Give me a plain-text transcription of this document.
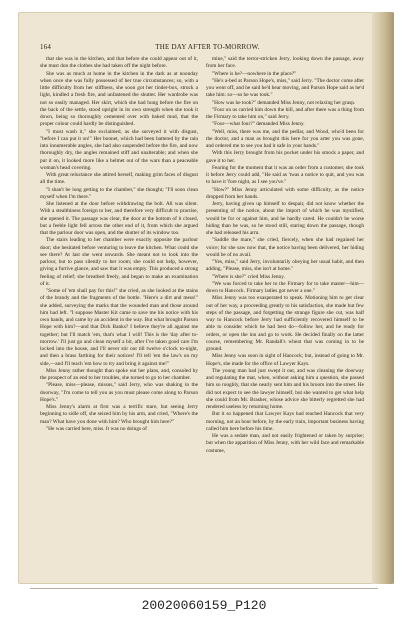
164	THE DAY AFTER TO-MORROW.

that she was in the kitchen, and that before she could appear out of it, she must don the clothes she had taken off the night before.

She was as much at home in the kitchen in the dark as at noonday when once she was fully possessed of her true circumstances; so, with a little difficulty from her stiffness, she soon got her tinder-box, struck a light, kindled a fresh fire, and unfastened the shutter. Her wardrobe was not so easily managed. Her skirt, which she had hung before the fire on the back of the settle, stood upright in its own strength when she took it down, being so thoroughly cemented over with baked mud, that the proper colour could hardly be distinguished.

"I must wash it," she exclaimed, as she surveyed it with disgust, "before I can put it on!" Her bonnet, which had been battered by the rain into innumerable angles, she had also suspended before the fire, and now thoroughly dry, the angles remained stiff and unalterable; and when she put it on, it looked more like a helmet out of the wars than a peaceable woman's head covering.

With great reluctance she attired herself, making grim faces of disgust all the time.

"I shan't be long getting to the chamber," she thought; "I'll soon clean myself when I'm there."

She listened at the door before withdrawing the bolt. All was silent. With a stealthiness foreign to her, and therefore very difficult to practise, she opened it. The passage was clear, the door at the bottom of it closed, but a feeble light fell across the other end of it, from which she argued that the parlour door was open, and the shutter of its window too.

The stairs leading to her chamber were exactly opposite the parlour door; she hesitated before venturing to leave the kitchen. What could she see there? At last she went onwards. She meant not to look into the parlour, but to pass silently to her room; she could not help, however, giving a furtive glance, and saw that it was empty. This produced a strong feeling of relief; she breathed freely, and began to make an examination of it.

"Some of 'em shall pay for this!" she cried, as she looked at the stains of the brandy and the fragments of the bottle. "Here's a dirt and mess!" she added, surveying the marks that the wounded man and those around him had left. "I suppose Master Kit came to save me his notice with his own hands, and came by an accident in the way. But what brought Parson Hope with him?—and that Dick Banks? I believe they're all against me together; but I'll match 'em, that's what I will! This is the 'day after to-morrow.' I'll just go and clean myself a bit, after I've taken good care I'm locked into the house, and I'll never stir out till twelve o'clock to-night, and then a brass farthing for their notices! I'll tell 'em the law's on my side,—and I'll teach 'em how to try and bring it against me!"

Miss Jenny rather thought than spoke out her plans, and, consoled by the prospect of an end to her troubles, she turned to go to her chamber.

"Please, miss—please, missus," said Jerry, who was shaking in the doorway, "I'm come to tell you as you must please come along to Parson Hope's."

Miss Jenny's alarm at first was a terrific stare, but seeing Jerry beginning to sidle off, she seized him by his arm, and cried, "Where's the man? What have you done with him? Who brought him here?"

"He was carried here, miss. It was no doings of

mine," said the terror-stricken Jerry, looking down the passage, away from her face.

"Where is he?—nowhere in the place?"

"He's a-bed at Parson Hope's, miss," said Jerry. "The doctor come after you went off, and he said he'd hear moving, and Parson Hope said as he'd take him: so—so he was took."

"How was he took?" demanded Miss Jenny, not relaxing her grasp.

"Four on us carried him down the hill, and after there was a thing from the Firmary to take him on," said Jerry.

"Four—what four?" demanded Miss Jenny.

"Well, miss, there was me, and the pedlar, and Wood, who'd been for the doctor, and a man as brought this here for you arter you was gone, and ordered me to see you had it safe in your hands."

With this Jerry brought from his pocket under his smock a paper, and gave it to her.

Fearing for the moment that it was an order from a customer, she took it before Jerry could add, "He said as 'twas a notice to quit, and you was to have it 'fore night, as I see you've."

"How?" Miss Jenny articulated with some difficulty, as the notice dropped from her hands.

Jerry, having given up himself to despair, did not know whether the presenting of the notice, about the import of which he was mystified, would be for or against him, and he hardly cared. He couldn't be worse hiding than he was, so he stood still, staring down the passage, though she had released his arm.

"Saddle the mare," she cried, fiercely, when she had regained her voice; for she saw now that, the notice having been delivered, her hiding would be of no avail.

"Yes, miss," said Jerry, involuntarily obeying her usual habit, and then adding, "Please, miss, she isn't at home."

"Where is she?" cried Miss Jenny.

"We was forced to take her to the Firmary for to take master—him—down to Hancock. Firmary ladies got never a one."

Miss Jenny was too exasperated to speak. Motioning him to get clear out of her way, a proceeding greatly to his satisfaction, she made but few steps of the passage, and forgetting the strange figure she cut, was half way to Hancock before Jerry had sufficiently recovered himself to be able to consider which he had best do—follow her, and be ready for orders, or open the inn and go to work. He decided finally on the latter course, remembering Mr. Randall's wheat that was coming in to be ground.

Miss Jenny was soon in sight of Hancock; but, instead of going to Mr. Hope's, she made for the office of Lawyer Kays.

The young man had just swept it out, and was cleaning the doorway and regulating the mat, when, without asking him a question, she passed him so roughly, that she nearly sent him and his broom into the street. He did not expect to see the lawyer himself, but she wanted to get what help she could from Mr. Brasher, whose advice she bitterly regretted she had rendered useless by returning home.

But it so happened that Lawyer Kays had reached Hancock that very morning, not an hour before, by the early train, important business having called him here before his time.

He was a sedate man, and not easily frightened or taken by surprise; but when the apparition of Miss Jenny, with her wild face and remarkable costume,

20020060159_P120
